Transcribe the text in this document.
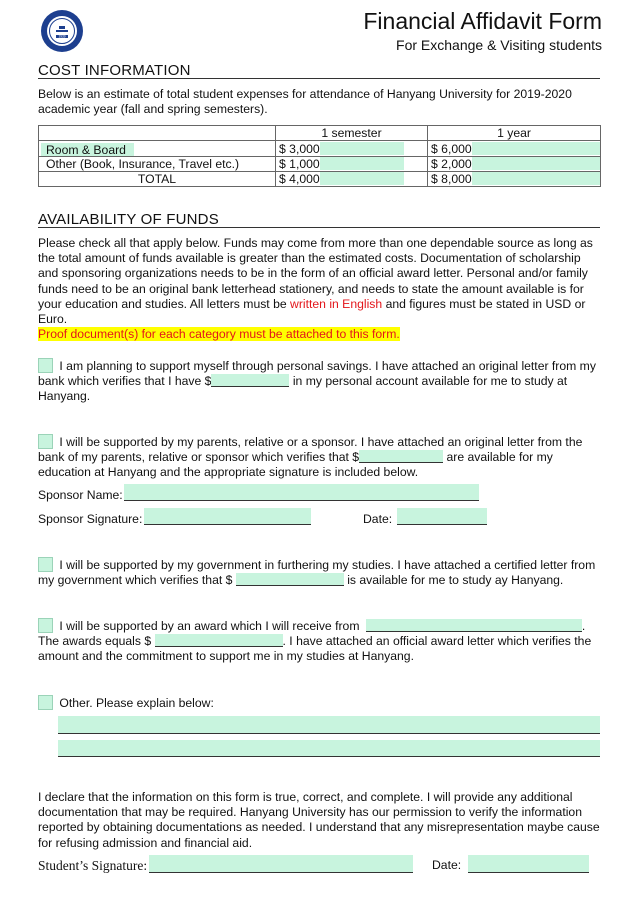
1939
Financial Affidavit Form
For Exchange & Visiting students
COST INFORMATION
Below is an estimate of total student expenses for attendance of Hanyang University for 2019-2020 academic year (fall and spring semesters).
	1 semester	1 year
Room & Board	$ 3,000	$ 6,000
Other (Book, Insurance, Travel etc.)	$ 1,000	$ 2,000
TOTAL	$ 4,000	$ 8,000
AVAILABILITY OF FUNDS
Please check all that apply below. Funds may come from more than one dependable source as long as the total amount of funds available is greater than the estimated costs. Documentation of scholarship and sponsoring organizations needs to be in the form of an official award letter. Personal and/or family funds need to be an original bank letterhead stationery, and needs to state the amount available is for your education and studies. All letters must be written in English and figures must be stated in USD or Euro.
Proof document(s) for each category must be attached to this form.
I am planning to support myself through personal savings. I have attached an original letter from my bank which verifies that I have $	in my personal account available for me to study at Hanyang.
I will be supported by my parents, relative or a sponsor. I have attached an original letter from the bank of my parents, relative or sponsor which verifies that $	are available for my education at Hanyang and the appropriate signature is included below.
Sponsor Name:
Sponsor Signature:	Date:
I will be supported by my government in furthering my studies. I have attached a certified letter from my government which verifies that $	is available for me to study ay Hanyang.
I will be supported by an award which I will receive from	.
The awards equals $	. I have attached an official award letter which verifies the amount and the commitment to support me in my studies at Hanyang.
Other. Please explain below:
I declare that the information on this form is true, correct, and complete. I will provide any additional documentation that may be required. Hanyang University has our permission to verify the information reported by obtaining documentations as needed. I understand that any misrepresentation maybe cause for refusing admission and financial aid.
Student’s Signature:	Date:
